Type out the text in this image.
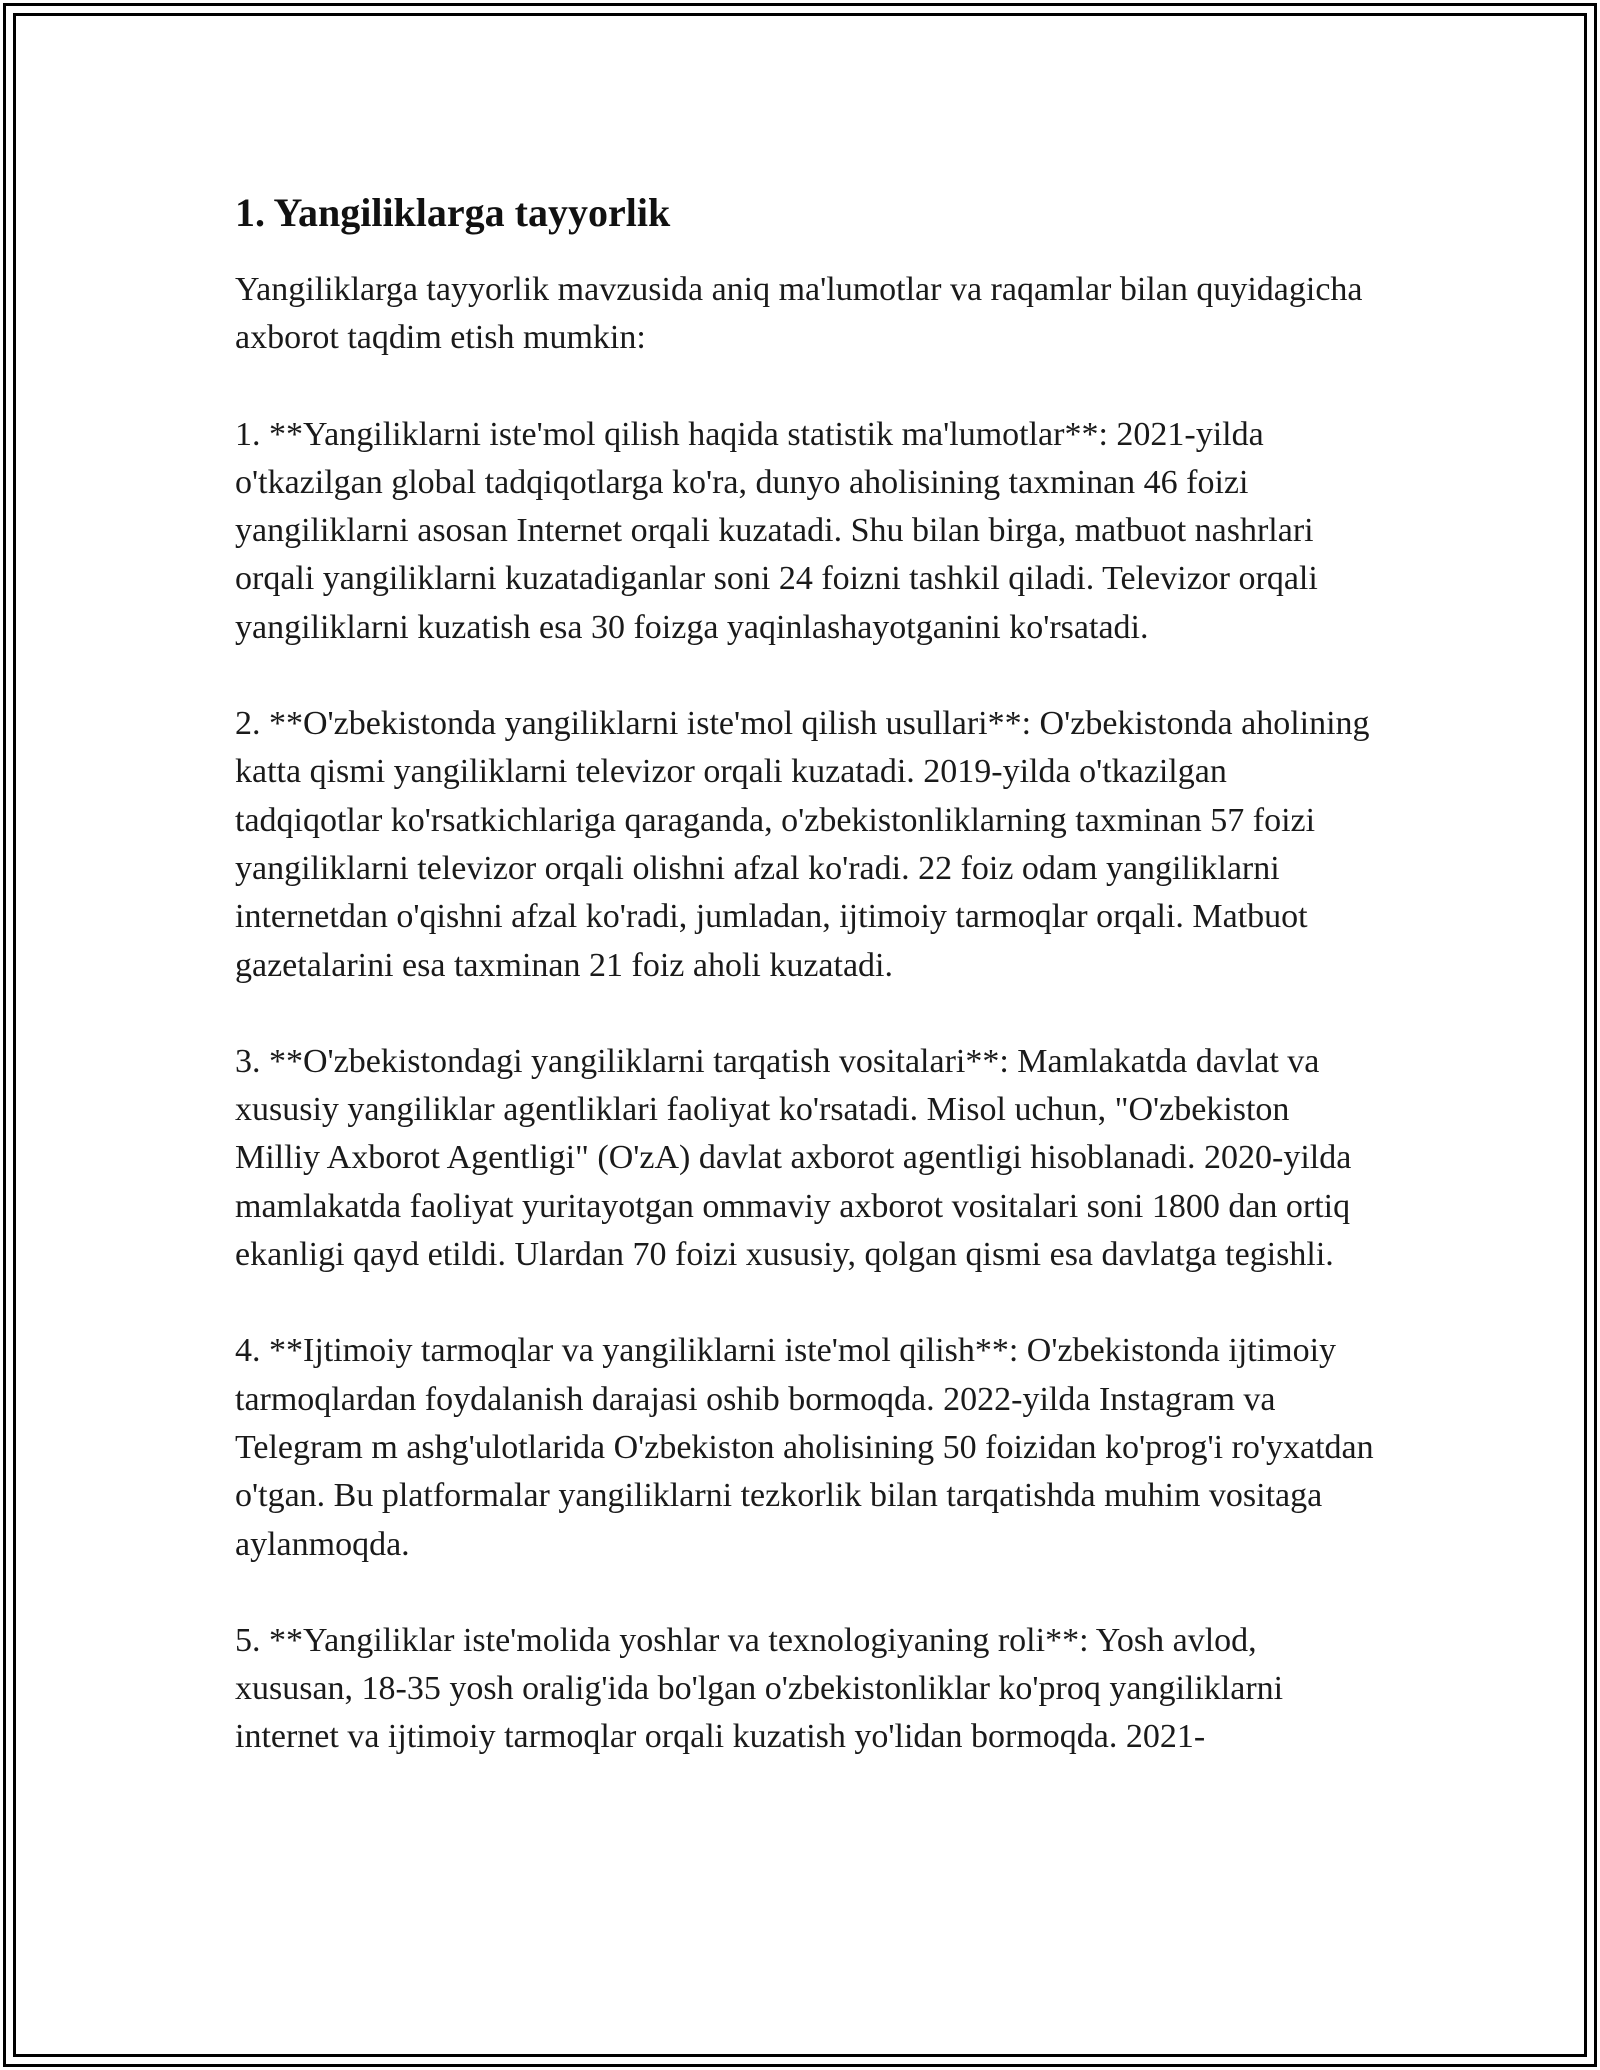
1. Yangiliklarga tayyorlik

Yangiliklarga tayyorlik mavzusida aniq ma'lumotlar va raqamlar bilan quyidagicha axborot taqdim etish mumkin:

1. **Yangiliklarni iste'mol qilish haqida statistik ma'lumotlar**: 2021-yilda o'tkazilgan global tadqiqotlarga ko'ra, dunyo aholisining taxminan 46 foizi yangiliklarni asosan Internet orqali kuzatadi. Shu bilan birga, matbuot nashrlari orqali yangiliklarni kuzatadiganlar soni 24 foizni tashkil qiladi. Televizor orqali yangiliklarni kuzatish esa 30 foizga yaqinlashayotganini ko'rsatadi.

2. **O'zbekistonda yangiliklarni iste'mol qilish usullari**: O'zbekistonda aholining katta qismi yangiliklarni televizor orqali kuzatadi. 2019-yilda o'tkazilgan tadqiqotlar ko'rsatkichlariga qaraganda, o'zbekistonliklarning taxminan 57 foizi yangiliklarni televizor orqali olishni afzal ko'radi. 22 foiz odam yangiliklarni internetdan o'qishni afzal ko'radi, jumladan, ijtimoiy tarmoqlar orqali. Matbuot gazetalarini esa taxminan 21 foiz aholi kuzatadi.

3. **O'zbekistondagi yangiliklarni tarqatish vositalari**: Mamlakatda davlat va xususiy yangiliklar agentliklari faoliyat ko'rsatadi. Misol uchun, "O'zbekiston Milliy Axborot Agentligi" (O'zA) davlat axborot agentligi hisoblanadi. 2020-yilda mamlakatda faoliyat yuritayotgan ommaviy axborot vositalari soni 1800 dan ortiq ekanligi qayd etildi. Ulardan 70 foizi xususiy, qolgan qismi esa davlatga tegishli.

4. **Ijtimoiy tarmoqlar va yangiliklarni iste'mol qilish**: O'zbekistonda ijtimoiy tarmoqlardan foydalanish darajasi oshib bormoqda. 2022-yilda Instagram va Telegram m ashg'ulotlarida O'zbekiston aholisining 50 foizidan ko'prog'i ro'yxatdan o'tgan. Bu platformalar yangiliklarni tezkorlik bilan tarqatishda muhim vositaga aylanmoqda.

5. **Yangiliklar iste'molida yoshlar va texnologiyaning roli**: Yosh avlod, xususan, 18-35 yosh oralig'ida bo'lgan o'zbekistonliklar ko'proq yangiliklarni internet va ijtimoiy tarmoqlar orqali kuzatish yo'lidan bormoqda. 2021-
